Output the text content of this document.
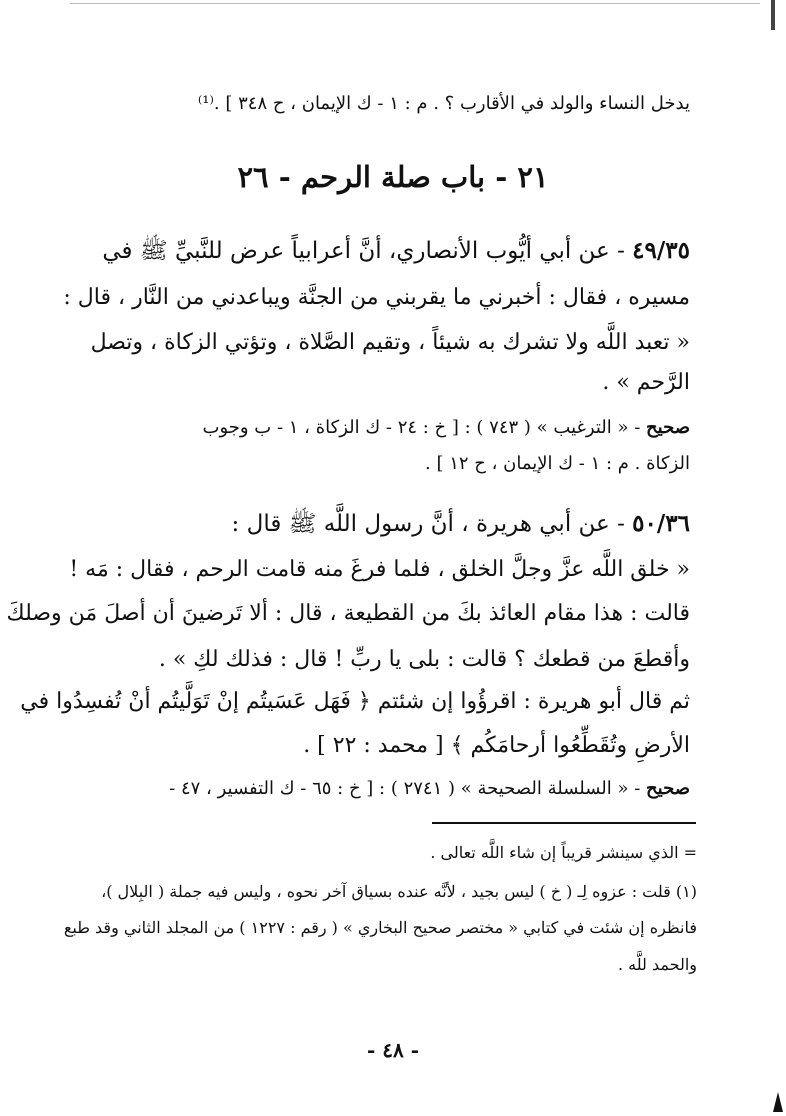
يدخل النساء والولد في الأقارب ؟ . م : ١ - ك الإيمان ، ح ٣٤٨ ] .⁽¹⁾

٢١ - باب صلة الرحم - ٢٦

٤٩/٣٥ - عن أبي أيُّوب الأنصاري، أنَّ أعرابياً عرض للنَّبيِّ ﷺ في

مسيره ، فقال : أخبرني ما يقربني من الجنَّة ويباعدني من النَّار ، قال :

« تعبد اللَّه ولا تشرك به شيئاً ، وتقيم الصَّلاة ، وتؤتي الزكاة ، وتصل

الرَّحم » .

صحيح - « الترغيب » ( ٧٤٣ ) : [ خ : ٢٤ - ك الزكاة ، ١ - ب وجوب

الزكاة . م : ١ - ك الإيمان ، ح ١٢ ] .

٥٠/٣٦ - عن أبي هريرة ، أنَّ رسول اللَّه ﷺ قال :

« خلق اللَّه عزَّ وجلَّ الخلق ، فلما فرغَ منه قامت الرحم ، فقال : مَه !

قالت : هذا مقام العائذ بكَ من القطيعة ، قال : ألا تَرضينَ أن أصلَ مَن وصلكَ

وأقطعَ من قطعك ؟ قالت : بلى يا ربِّ ! قال : فذلك لكِ » .

ثم قال أبو هريرة : اقرؤُوا إن شئتم ﴿ فَهَل عَسَيتُم إنْ تَوَلَّيتُم أنْ تُفسِدُوا في

الأرضِ وتُقَطِّعُوا أرحامَكُم ﴾ [ محمد : ٢٢ ] .

صحيح - « السلسلة الصحيحة » ( ٢٧٤١ ) : [ خ : ٦٥ - ك التفسير ، ٤٧ -

= الذي سينشر قريباً إن شاء اللَّه تعالى .

(١) قلت : عزوه لِـ ( خ ) ليس بجيد ، لأنَّه عنده بسياق آخر نحوه ، وليس فيه جملة ( البِلال )،

فانظره إن شئت في كتابي « مختصر صحيح البخاري » ( رقم : ١٢٢٧ ) من المجلد الثاني وقد طبع

والحمد للَّه .

- ٤٨ -
